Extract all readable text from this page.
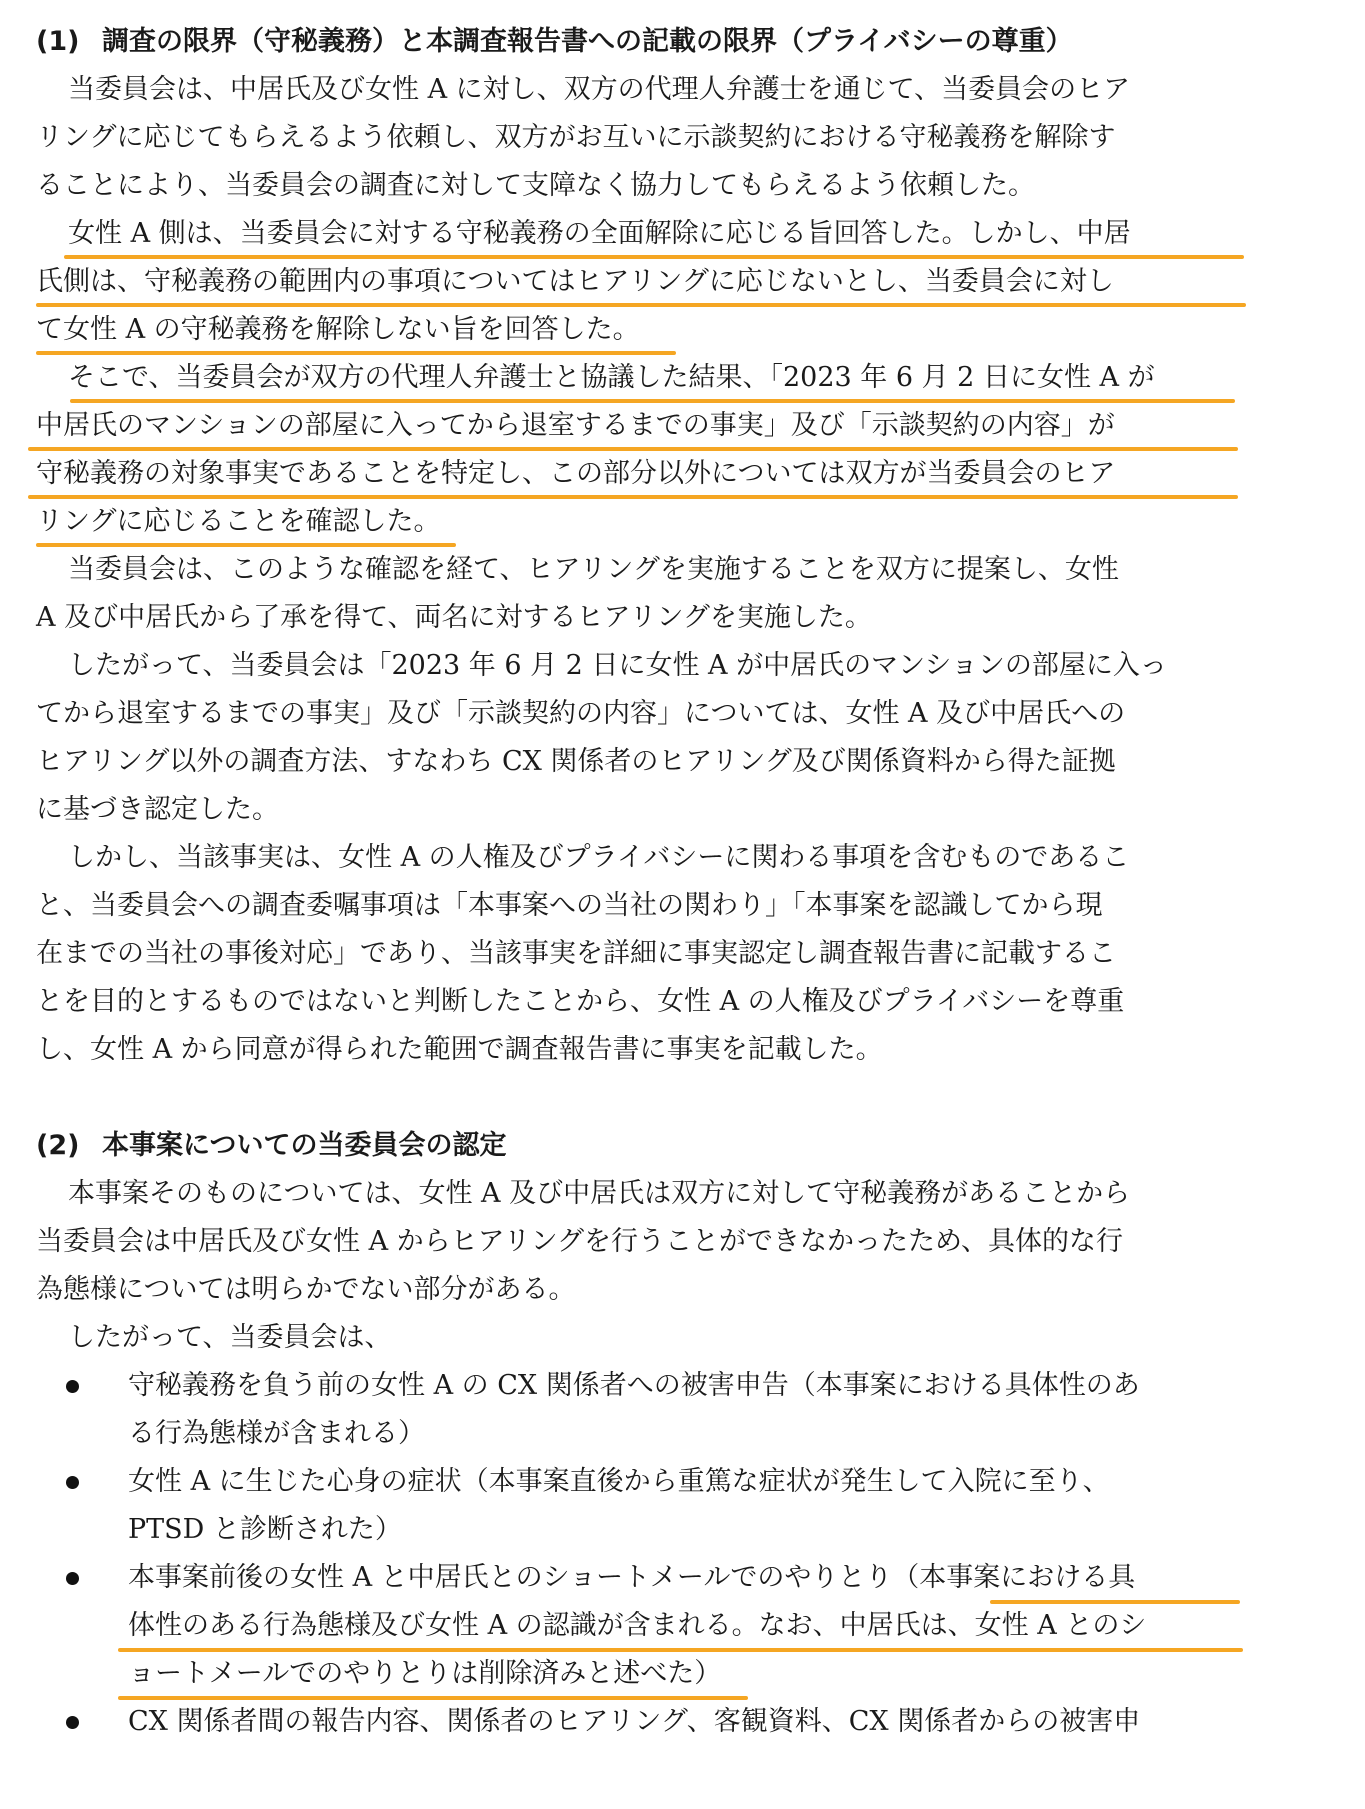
(1) 調査の限界（守秘義務）と本調査報告書への記載の限界（プライバシーの尊重）
当委員会は、中居氏及び女性 A に対し、双方の代理人弁護士を通じて、当委員会のヒア
リングに応じてもらえるよう依頼し、双方がお互いに示談契約における守秘義務を解除す
ることにより、当委員会の調査に対して支障なく協力してもらえるよう依頼した。
女性 A 側は、当委員会に対する守秘義務の全面解除に応じる旨回答した。しかし、中居
氏側は、守秘義務の範囲内の事項についてはヒアリングに応じないとし、当委員会に対し
て女性 A の守秘義務を解除しない旨を回答した。
そこで、当委員会が双方の代理人弁護士と協議した結果、「2023 年 6 月 2 日に女性 A が
中居氏のマンションの部屋に入ってから退室するまでの事実」及び「示談契約の内容」が
守秘義務の対象事実であることを特定し、この部分以外については双方が当委員会のヒア
リングに応じることを確認した。
当委員会は、このような確認を経て、ヒアリングを実施することを双方に提案し、女性
A 及び中居氏から了承を得て、両名に対するヒアリングを実施した。
したがって、当委員会は「2023 年 6 月 2 日に女性 A が中居氏のマンションの部屋に入っ
てから退室するまでの事実」及び「示談契約の内容」については、女性 A 及び中居氏への
ヒアリング以外の調査方法、すなわち CX 関係者のヒアリング及び関係資料から得た証拠
に基づき認定した。
しかし、当該事実は、女性 A の人権及びプライバシーに関わる事項を含むものであるこ
と、当委員会への調査委嘱事項は「本事案への当社の関わり」「本事案を認識してから現
在までの当社の事後対応」であり、当該事実を詳細に事実認定し調査報告書に記載するこ
とを目的とするものではないと判断したことから、女性 A の人権及びプライバシーを尊重
し、女性 A から同意が得られた範囲で調査報告書に事実を記載した。
(2) 本事案についての当委員会の認定
本事案そのものについては、女性 A 及び中居氏は双方に対して守秘義務があることから
当委員会は中居氏及び女性 A からヒアリングを行うことができなかったため、具体的な行
為態様については明らかでない部分がある。
したがって、当委員会は、
守秘義務を負う前の女性 A の CX 関係者への被害申告（本事案における具体性のあ
る行為態様が含まれる）
女性 A に生じた心身の症状（本事案直後から重篤な症状が発生して入院に至り、
PTSD と診断された）
本事案前後の女性 A と中居氏とのショートメールでのやりとり（本事案における具
体性のある行為態様及び女性 A の認識が含まれる。なお、中居氏は、女性 A とのシ
ョートメールでのやりとりは削除済みと述べた）
CX 関係者間の報告内容、関係者のヒアリング、客観資料、CX 関係者からの被害申
